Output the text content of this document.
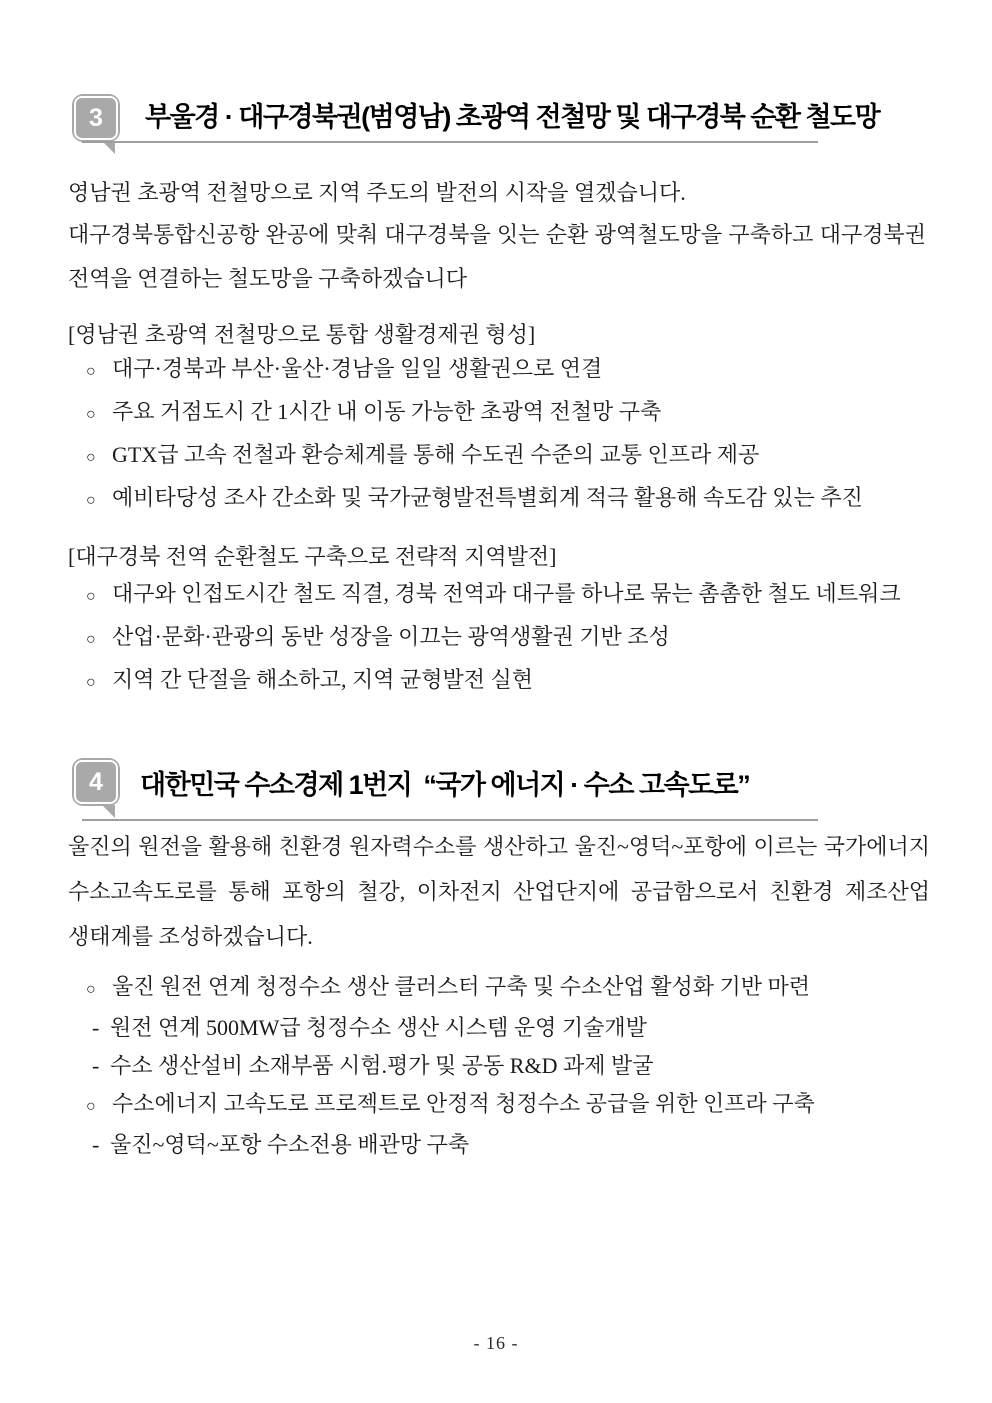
3	부울경 · 대구경북권(범영남) 초광역 전철망 및 대구경북 순환 철도망

영남권 초광역 전철망으로 지역 주도의 발전의 시작을 열겠습니다.

대구경북통합신공항 완공에 맞춰 대구경북을 잇는 순환 광역철도망을 구축하고 대구경북권 전역을 연결하는 철도망을 구축하겠습니다

[영남권 초광역 전철망으로 통합 생활경제권 형성]
○ 대구·경북과 부산·울산·경남을 일일 생활권으로 연결
○ 주요 거점도시 간 1시간 내 이동 가능한 초광역 전철망 구축
○ GTX급 고속 전철과 환승체계를 통해 수도권 수준의 교통 인프라 제공
○ 예비타당성 조사 간소화 및 국가균형발전특별회계 적극 활용해 속도감 있는 추진
[대구경북 전역 순환철도 구축으로 전략적 지역발전]
○ 대구와 인접도시간 철도 직결, 경북 전역과 대구를 하나로 묶는 촘촘한 철도 네트워크
○ 산업·문화·관광의 동반 성장을 이끄는 광역생활권 기반 조성
○ 지역 간 단절을 해소하고, 지역 균형발전 실현
4	대한민국 수소경제 1번지  “국가 에너지 · 수소 고속도로”

울진의 원전을 활용해 친환경 원자력수소를 생산하고 울진~영덕~포항에 이르는 국가에너지 수소고속도로를 통해 포항의 철강, 이차전지 산업단지에 공급함으로서 친환경 제조산업 생태계를 조성하겠습니다.

○ 울진 원전 연계 청정수소 생산 클러스터 구축 및 수소산업 활성화 기반 마련
- 원전 연계 500MW급 청정수소 생산 시스템 운영 기술개발
- 수소 생산설비 소재부품 시험.평가 및 공동 R&D 과제 발굴
○ 수소에너지 고속도로 프로젝트로 안정적 청정수소 공급을 위한 인프라 구축
- 울진~영덕~포항 수소전용 배관망 구축
- 16 -
